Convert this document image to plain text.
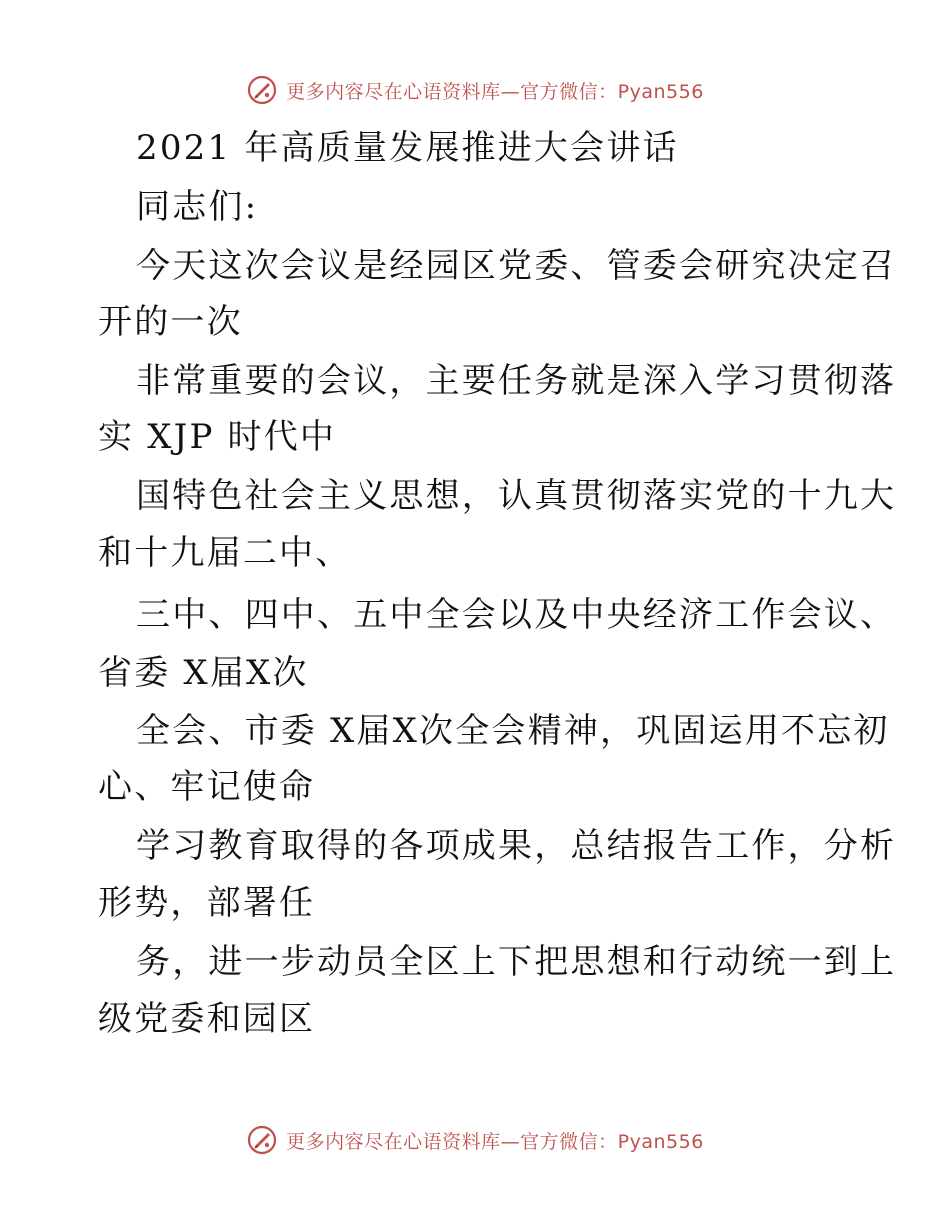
更多内容尽在心语资料库—官方微信：Pyan556
2021 年高质量发展推进大会讲话
同志们:
今天这次会议是经园区党委、管委会研究决定召
开的一次
非常重要的会议，主要任务就是深入学习贯彻落
实 XJP 时代中
国特色社会主义思想，认真贯彻落实党的十九大
和十九届二中、
三中、四中、五中全会以及中央经济工作会议、
省委 X届X次
全会、市委 X届X次全会精神，巩固运用不忘初
心、牢记使命
学习教育取得的各项成果，总结报告工作，分析
形势，部署任
务，进一步动员全区上下把思想和行动统一到上
级党委和园区
更多内容尽在心语资料库—官方微信：Pyan556
